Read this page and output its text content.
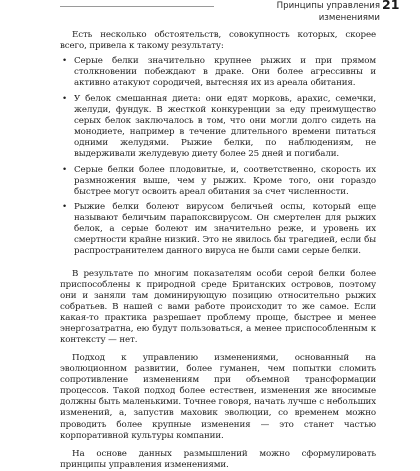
Принципы управления изменениями
21

Есть несколько обстоятельств, совокупность которых, скорее всего, привела к такому результату:

• Серые белки значительно крупнее рыжих и при прямом столкновении побеждают в драке. Они более агрессивны и активно атакуют сородичей, вытесняя их из ареала обитания.
• У белок смешанная диета: они едят морковь, арахис, семечки, желуди, фундук. В жесткой конкуренции за еду преимущество серых белок заключалось в том, что они могли долго сидеть на монодиете, например в течение длительного времени питаться одними желудями. Рыжие белки, по наблюдениям, не выдерживали желудевую диету более 25 дней и погибали.
• Серые белки более плодовитые, и, соответственно, скорость их размножения выше, чем у рыжих. Кроме того, они гораздо быстрее могут освоить ареал обитания за счет численности.
• Рыжие белки болеют вирусом беличьей оспы, который еще называют беличьим парапоксвирусом. Он смертелен для рыжих белок, а серые болеют им значительно реже, и уровень их смертности крайне низкий. Это не явилось бы трагедией, если бы распространителем данного вируса не были сами серые белки.

В результате по многим показателям особи серой белки более приспособлены к природной среде Британских островов, поэтому они и заняли там доминирующую позицию относительно рыжих собратьев. В нашей с вами работе происходит то же самое. Если какая-то практика разрешает проблему проще, быстрее и менее энергозатратна, ею будут пользоваться, а менее приспособленным к контексту — нет.

Подход к управлению изменениями, основанный на эволюционном развитии, более гуманен, чем попытки сломить сопротивление изменениям при объемной трансформации процессов. Такой подход более естествен, изменения же вносимые должны быть маленькими. Точнее говоря, начать лучше с небольших изменений, а, запустив маховик эволюции, со временем можно проводить более крупные изменения — это станет частью корпоративной культуры компании.

На основе данных размышлений можно сформулировать принципы управления изменениями.
